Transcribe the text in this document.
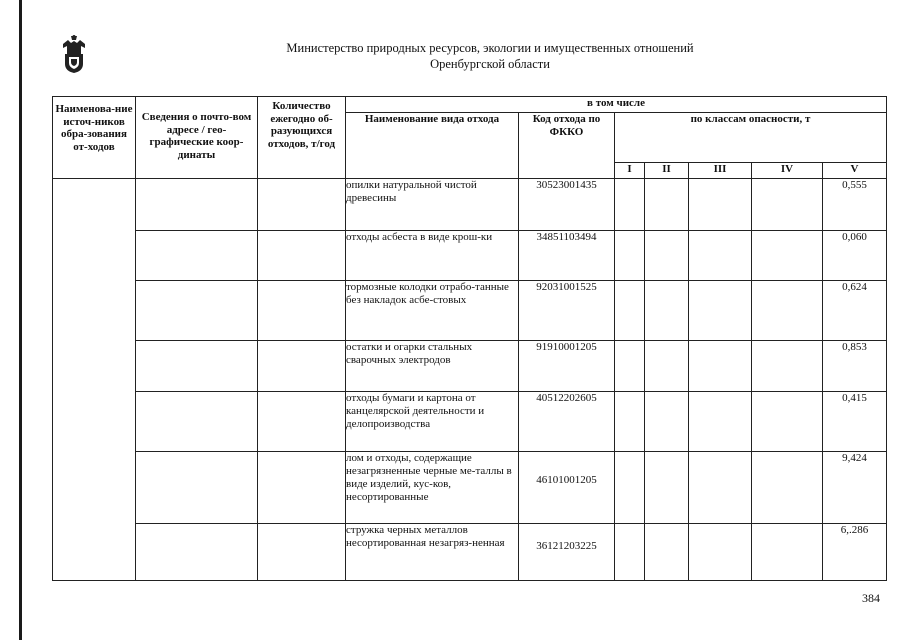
Министерство природных ресурсов, экологии и имущественных отношений
Оренбургской области
Наименова-ние источ-ников обра-зования от-ходов	Сведения о почто-вом адресе / гео-графические коор-динаты	Количество ежегодно об-разующихся отходов, т/год	в том числе						
			Наименование вида отхода	Код отхода по ФККО	по классам опасности, т				
					I	II	III	IV	V
			опилки натуральной чистой древесины	30523001435					0,555
			отходы асбеста в виде крош-ки	34851103494					0,060
			тормозные колодки отрабо-танные без накладок асбе-стовых	92031001525					0,624
			остатки и огарки стальных сварочных электродов	91910001205					0,853
			отходы бумаги и картона от канцелярской деятельности и делопроизводства	40512202605					0,415
			лом и отходы, содержащие незагрязненные черные ме-таллы в виде изделий, кус-ков, несортированные	46101001205					9,424
			стружка черных металлов несортированная незагряз-ненная	36121203225					6,.286
384
